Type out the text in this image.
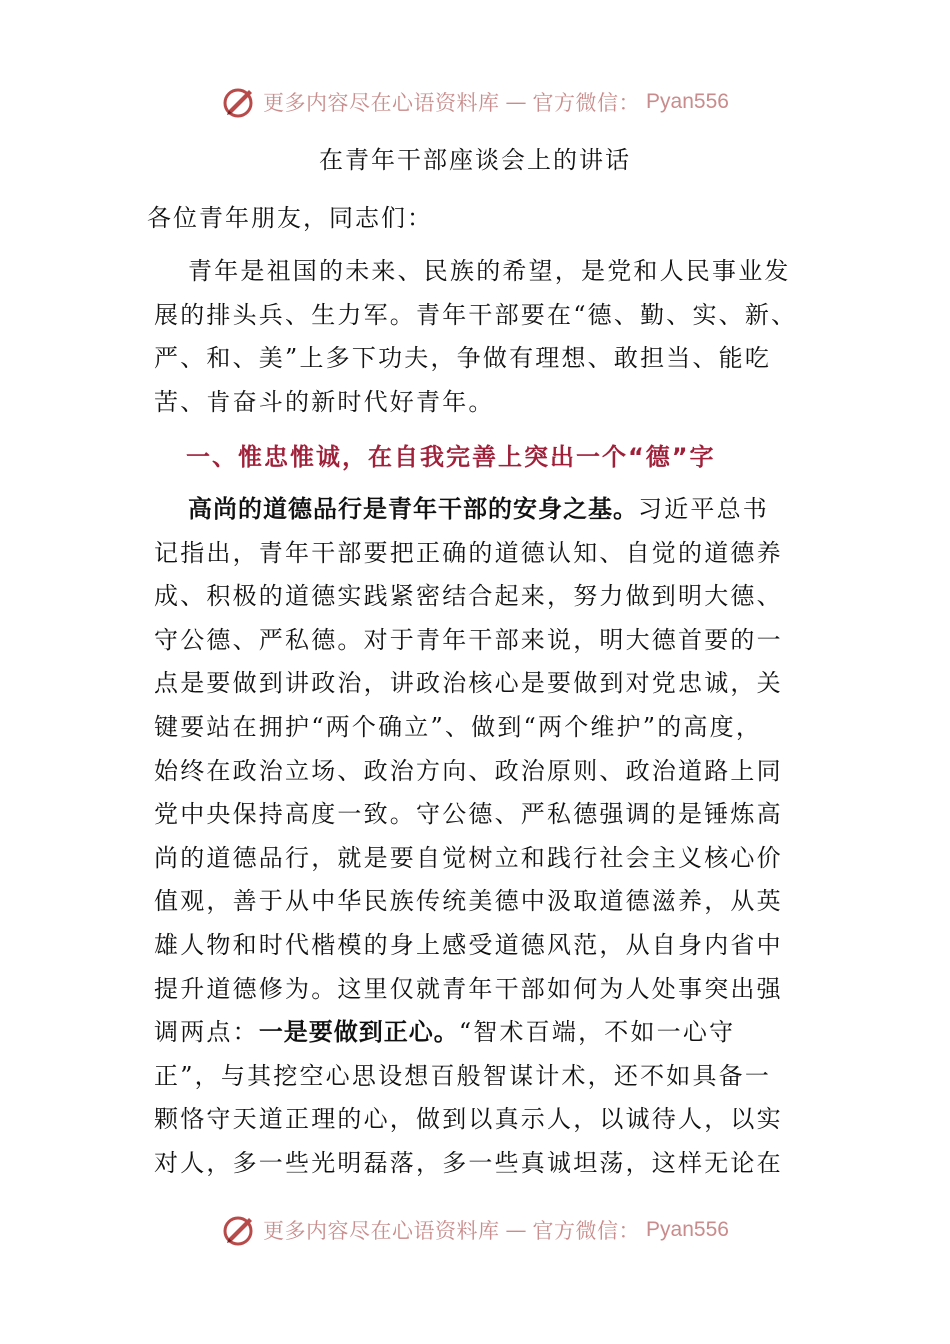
更多内容尽在心语资料库 — 官方微信： Pyan556
在青年干部座谈会上的讲话
各位青年朋友，同志们：
青年是祖国的未来、民族的希望，是党和人民事业发
展的排头兵、生力军。青年干部要在“德、勤、实、新、
严、和、美”上多下功夫，争做有理想、敢担当、能吃
苦、肯奋斗的新时代好青年。
一、惟忠惟诚，在自我完善上突出一个“德”字
高尚的道德品行是青年干部的安身之基。习近平总书
记指出，青年干部要把正确的道德认知、自觉的道德养
成、积极的道德实践紧密结合起来，努力做到明大德、
守公德、严私德。对于青年干部来说，明大德首要的一
点是要做到讲政治，讲政治核心是要做到对党忠诚，关
键要站在拥护“两个确立”、做到“两个维护”的高度，
始终在政治立场、政治方向、政治原则、政治道路上同
党中央保持高度一致。守公德、严私德强调的是锤炼高
尚的道德品行，就是要自觉树立和践行社会主义核心价
值观，善于从中华民族传统美德中汲取道德滋养，从英
雄人物和时代楷模的身上感受道德风范，从自身内省中
提升道德修为。这里仅就青年干部如何为人处事突出强
调两点：一是要做到正心。“智术百端，不如一心守
正”，与其挖空心思设想百般智谋计术，还不如具备一
颗恪守天道正理的心，做到以真示人，以诚待人，以实
对人，多一些光明磊落，多一些真诚坦荡，这样无论在
更多内容尽在心语资料库 — 官方微信： Pyan556
